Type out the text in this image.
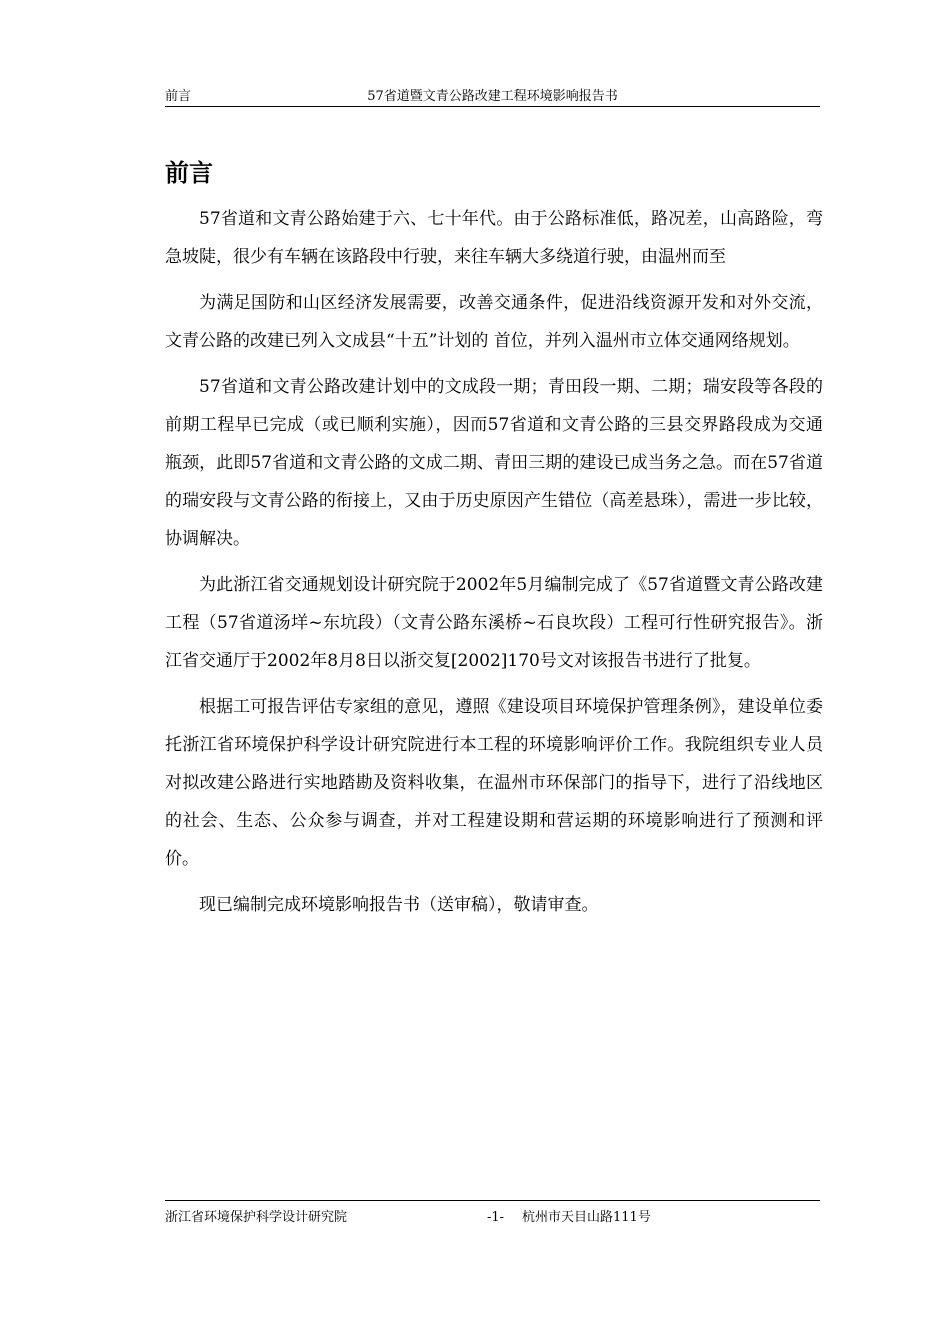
前言	57省道暨文青公路改建工程环境影响报告书
前言

57省道和文青公路始建于六、七十年代。由于公路标准低，路况差，山高路险，弯急坡陡，很少有车辆在该路段中行驶，来往车辆大多绕道行驶，由温州而至

为满足国防和山区经济发展需要，改善交通条件，促进沿线资源开发和对外交流，文青公路的改建已列入文成县“十五”计划的 首位，并列入温州市立体交通网络规划。

57省道和文青公路改建计划中的文成段一期；青田段一期、二期；瑞安段等各段的前期工程早已完成（或已顺利实施），因而57省道和文青公路的三县交界路段成为交通瓶颈，此即57省道和文青公路的文成二期、青田三期的建设已成当务之急。而在57省道的瑞安段与文青公路的衔接上，又由于历史原因产生错位（高差悬珠），需进一步比较，协调解决。

为此浙江省交通规划设计研究院于2002年5月编制完成了《57省道暨文青公路改建工程（57省道汤垟~东坑段）（文青公路东溪桥~石良坎段）工程可行性研究报告》。浙江省交通厅于2002年8月8日以浙交复[2002]170号文对该报告书进行了批复。

根据工可报告评估专家组的意见，遵照《建设项目环境保护管理条例》，建设单位委托浙江省环境保护科学设计研究院进行本工程的环境影响评价工作。我院组织专业人员对拟改建公路进行实地踏勘及资料收集，在温州市环保部门的指导下，进行了沿线地区的社会、生态、公众参与调查，并对工程建设期和营运期的环境影响进行了预测和评价。

现已编制完成环境影响报告书（送审稿），敬请审查。

浙江省环境保护科学设计研究院	-1- 杭州市天目山路111号
